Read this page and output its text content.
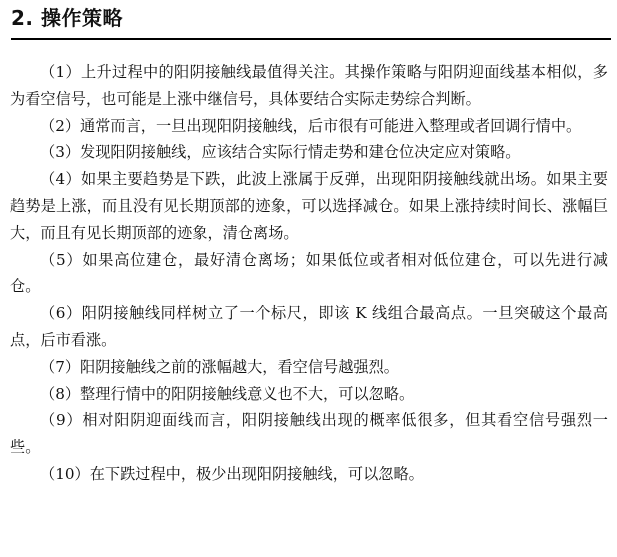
2. 操作策略

（1）上升过程中的阳阴接触线最值得关注。其操作策略与阳阴迎面线基本相似，多为看空信号，也可能是上涨中继信号，具体要结合实际走势综合判断。

（2）通常而言，一旦出现阳阴接触线，后市很有可能进入整理或者回调行情中。

（3）发现阳阴接触线，应该结合实际行情走势和建仓位决定应对策略。

（4）如果主要趋势是下跌，此波上涨属于反弹，出现阳阴接触线就出场。如果主要趋势是上涨，而且没有见长期顶部的迹象，可以选择减仓。如果上涨持续时间长、涨幅巨大，而且有见长期顶部的迹象，清仓离场。

（5）如果高位建仓，最好清仓离场；如果低位或者相对低位建仓，可以先进行减仓。

（6）阳阴接触线同样树立了一个标尺，即该 K 线组合最高点。一旦突破这个最高点，后市看涨。

（7）阳阴接触线之前的涨幅越大，看空信号越强烈。

（8）整理行情中的阳阴接触线意义也不大，可以忽略。

（9）相对阳阴迎面线而言，阳阴接触线出现的概率低很多，但其看空信号强烈一些。

（10）在下跌过程中，极少出现阳阴接触线，可以忽略。
